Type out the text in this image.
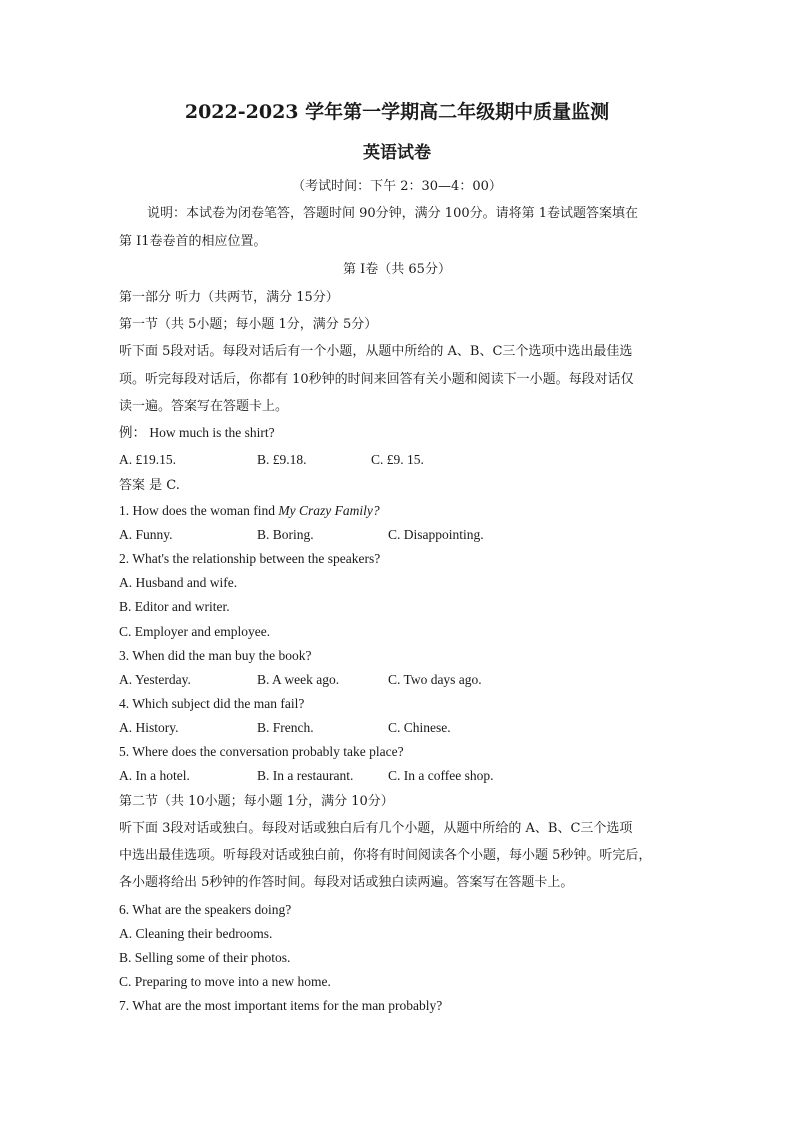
2022-2023 学年第一学期高二年级期中质量监测
英语试卷
（考试时间：下午 2：30—4：00）
说明：本试卷为闭卷笔答，答题时间 90分钟，满分 100分。请将第 1卷试题答案填在
第 I1卷卷首的相应位置。
第 I卷（共 65分）
第一部分 听力（共两节，满分 15分）
第一节（共 5小题；每小题 1分，满分 5分）
听下面 5段对话。每段对话后有一个小题，从题中所给的 A、B、C三个选项中选出最佳选
项。听完每段对话后，你都有 10秒钟的时间来回答有关小题和阅读下一小题。每段对话仅
读一遍。答案写在答题卡上。
例： How much is the shirt?
A. £19.15.	B. £9.18.	C. £9. 15.
答案 是 C.
1. How does the woman find My Crazy Family?
A. Funny.	B. Boring.	C. Disappointing.
2. What's the relationship between the speakers?
A. Husband and wife.
B. Editor and writer.
C. Employer and employee.
3. When did the man buy the book?
A. Yesterday.	B. A week ago.	C. Two days ago.
4. Which subject did the man fail?
A. History.	B. French.	C. Chinese.
5. Where does the conversation probably take place?
A. In a hotel.	B. In a restaurant.	C. In a coffee shop.
第二节（共 10小题；每小题 1分，满分 10分）
听下面 3段对话或独白。每段对话或独白后有几个小题，从题中所给的 A、B、C三个选项
中选出最佳选项。听每段对话或独白前，你将有时间阅读各个小题，每小题 5秒钟。听完后，
各小题将给出 5秒钟的作答时间。每段对话或独白读两遍。答案写在答题卡上。
6. What are the speakers doing?
A. Cleaning their bedrooms.
B. Selling some of their photos.
C. Preparing to move into a new home.
7. What are the most important items for the man probably?
